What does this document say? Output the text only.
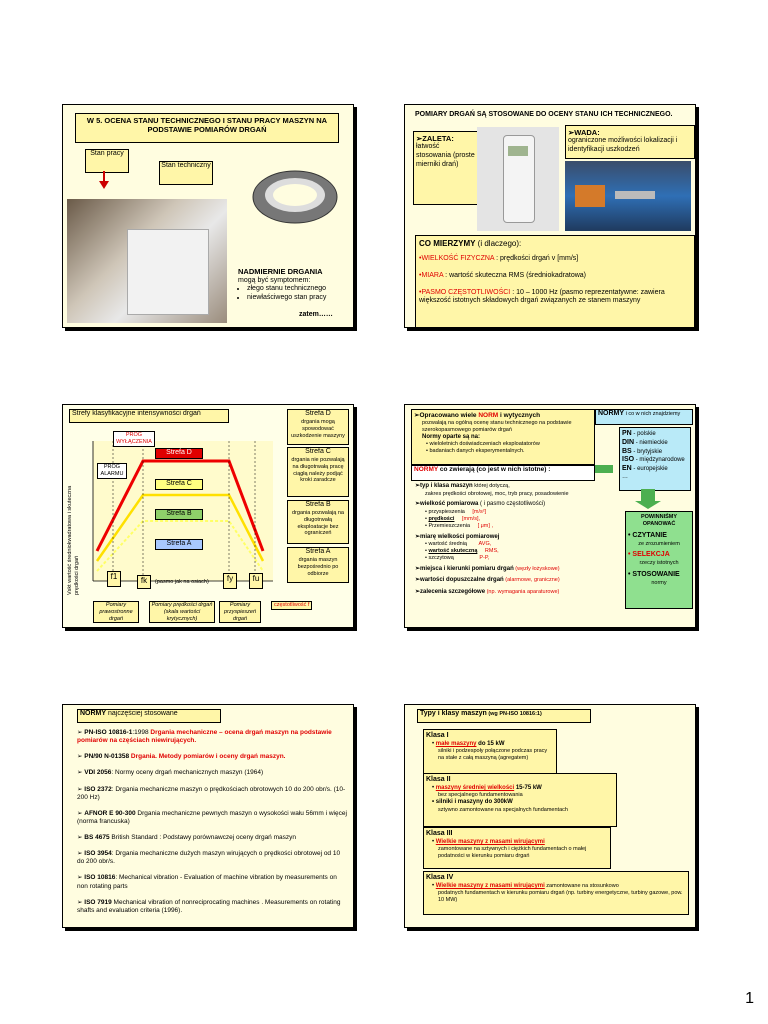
W 5. OCENA STANU TECHNICZNEGO I STANU PRACY MASZYN NA PODSTAWIE POMIARÓW DRGAŃ
Stan pracy
Stan techniczny
NADMIERNIE DRGANIA
mogą być symptomem:
• złego stanu technicznego
• niewłaściwego stan pracy
zatem……
POMIARY DRGAŃ SĄ STOSOWANE DO OCENY STANU ICH TECHNICZNEGO.
➢ZALETA:
łatwość stosowania (proste mierniki drań)
➢WADA:
ograniczone możliwości lokalizacji i identyfikacji uszkodzeń
CO MIERZYMY (i dlaczego):
•WIELKOŚĆ FIZYCZNA : prędkości drgań v [mm/s]
•MIARA : wartość skuteczna RMS (średniokadratowa)
•PASMO CZĘSTOTLIWOŚCI : 10 – 1000 Hz (pasmo reprezentatywne: zawiera większość istotnych składowych drgań związanych ze stanem maszyny
Strefy klasyfikacyjne intensywności drgań
Vskt wartość średniokwadratowa i skuteczna prędkości drgań
PRÓG WYŁĄCZENIA
PRÓG ALARMU
Strefa D
Strefa C
Strefa B
Strefa A
Strefa D
drgania mogą spowodować uszkodzenie maszyny
Strefa C
drgania nie pozwalają na długotrwałą pracę ciągłą należy podjąć kroki zaradcze
Strefa B
drgania pozwalają na długotrwałą eksploatacje bez ograniczeń
Strefa A
drgania maszyn bezpośrednio po odbiorze
f1	fk	(pasmo jak na osiach)	fy	fu
częstotliwość f
Pomiary prawostronne drgań
Pomiary prędkości drgań (skala wartości krytycznych)
Pomiary przyspieszeń drgań
➢Opracowano wiele NORM i wytycznych
pozwalają na ogólną ocenę stanu technicznego na podstawie szerokopasmowego pomiarów drgań
Normy oparte są na:
• wieloletnich doświadczeniach eksploatatorów
• badaniach danych eksperymentalnych.
NORMY i co w nich znajdziemy
PN - polskie
DIN - niemieckie
BS - brytyjskie
ISO - międzynarodowe
EN - europejskie
…
NORMY co zwierają (co jest w nich istotne) :
➢typ i klasa maszyn której dotyczą,
zakres prędkości obrotowej, moc, tryb pracy, posadowienie
➢wielkość pomiarowa ( i pasmo częstotliwości)
• przyspieszenia [m/s²]
• prędkości [mm/s],
• Przemieszczenia [ μm] ,
➢miarę wielkości pomiarowej
• wartość średnią AVG,
• wartość skuteczną RMS,
• szczytową	P-P,
➢miejsca i kierunki pomiaru drgań (węzły łożyskowe)
➢wartości dopuszczalne drgań (alarmowe, graniczne)
➢zalecenia szczegółowe (np. wymagania aparaturowe)
POWINNIŚMY OPANOWAĆ
• CZYTANIE
ze zrozumieniem
• SELEKCJA
rzeczy istotnych
• STOSOWANIE
normy
NORMY najczęściej stosowane
➢ PN-ISO 10816-1:1998 Drgania mechaniczne – ocena drgań maszyn na podstawie pomiarów na częściach niewirujących.
➢ PN/90 N-01358 Drgania. Metody pomiarów i oceny drgań maszyn.
➢ VDI 2056: Normy oceny drgań mechanicznych maszyn (1964)
➢ ISO 2372: Drgania mechaniczne maszyn o prędkościach obrotowych 10 do 200 obr/s. (10-200 Hz)
➢ AFNOR E 90-300 Drgania mechaniczne pewnych maszyn o wysokości wału 56mm i więcej (norma francuska)
➢ BS 4675 British Standard : Podstawy porównawczej oceny drgań maszyn
➢ ISO 3954: Drgania mechaniczne dużych maszyn wirujących o prędkości obrotowej od 10 do 200 obr/s.
➢ ISO 10816: Mechanical vibration - Evaluation of machine vibration by measurements on non rotating parts
➢ ISO 7919 Mechanical vibration of nonreciprocating machines . Measurements on rotating shafts and evaluation criteria (1996).
Typy i klasy maszyn (wg PN-ISO 10816:1)
Klasa I
• małe maszyny do 15 kW
silniki i podzespoły połączone podczas pracy na stałe z całą maszyną (agregatem)
Klasa II
• maszyny średniej wielkości 15-75 kW
bez specjalnego fundamentowania
• silniki i maszyny do 300kW
sztywno zamontowane na specjalnych fundamentach
Klasa III
• Wielkie maszyny z masami wirującymi
zamontowane na sztywnych i ciężkich fundamentach o małej podatności w kierunku pomiaru drgań
Klasa IV
• Wielkie maszyny z masami wirującymi zamontowane na stosunkowo
podatnych fundamentach w kierunku pomiaru drgań (np. turbiny energetyczne, turbiny gazowe, pow. 10 MW)
1
